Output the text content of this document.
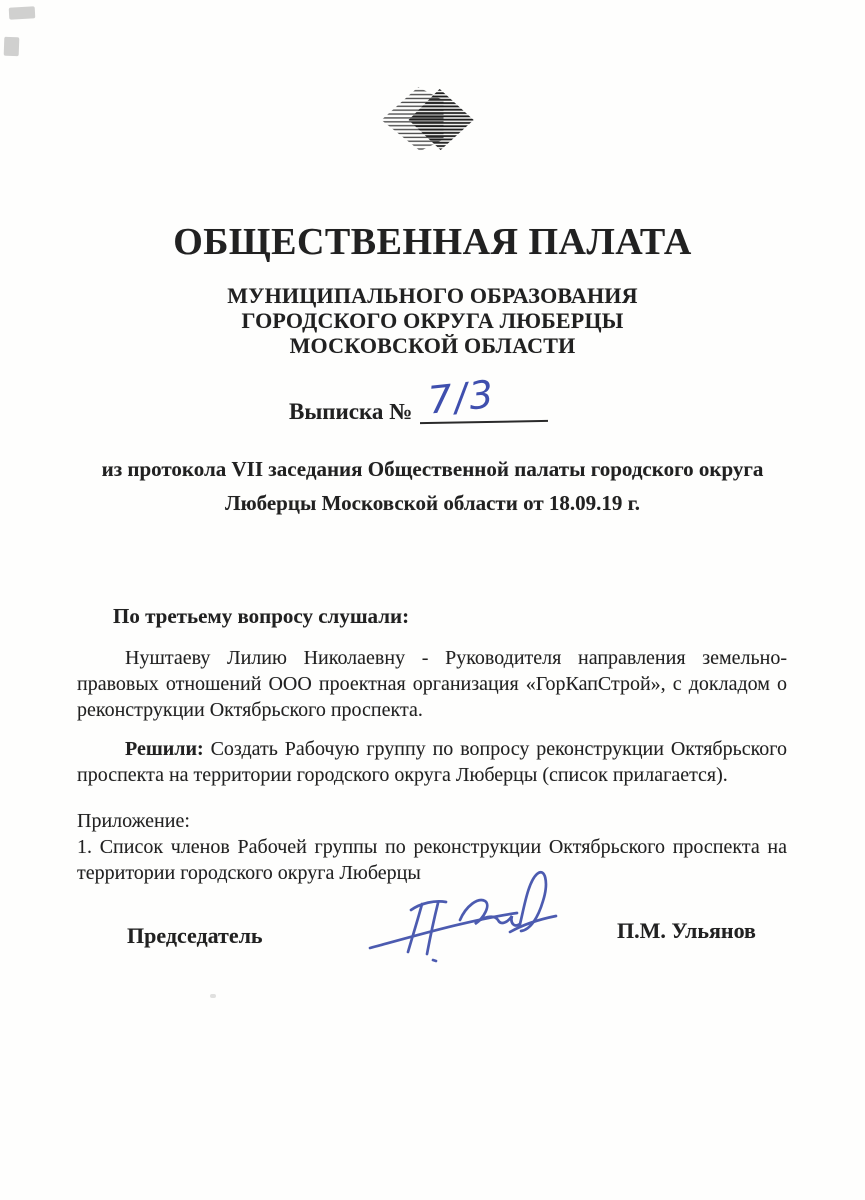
ОБЩЕСТВЕННАЯ ПАЛАТА
МУНИЦИПАЛЬНОГО ОБРАЗОВАНИЯ
ГОРОДСКОГО ОКРУГА ЛЮБЕРЦЫ
МОСКОВСКОЙ ОБЛАСТИ
Выписка № 7/3
из протокола VII заседания Общественной палаты городского округа
Люберцы Московской области от 18.09.19 г.
По третьему вопросу слушали:
Нуштаеву Лилию Николаевну - Руководителя направления земельно-
правовых отношений ООО проектная организация «ГорКапСтрой», с докладом о
реконструкции Октябрьского проспекта.
Решили: Создать Рабочую группу по вопросу реконструкции Октябрьского
проспекта на территории городского округа Люберцы (список прилагается).
Приложение:
1. Список членов Рабочей группы по реконструкции Октябрьского проспекта на
территории городского округа Люберцы
Председатель	П.М. Ульянов
